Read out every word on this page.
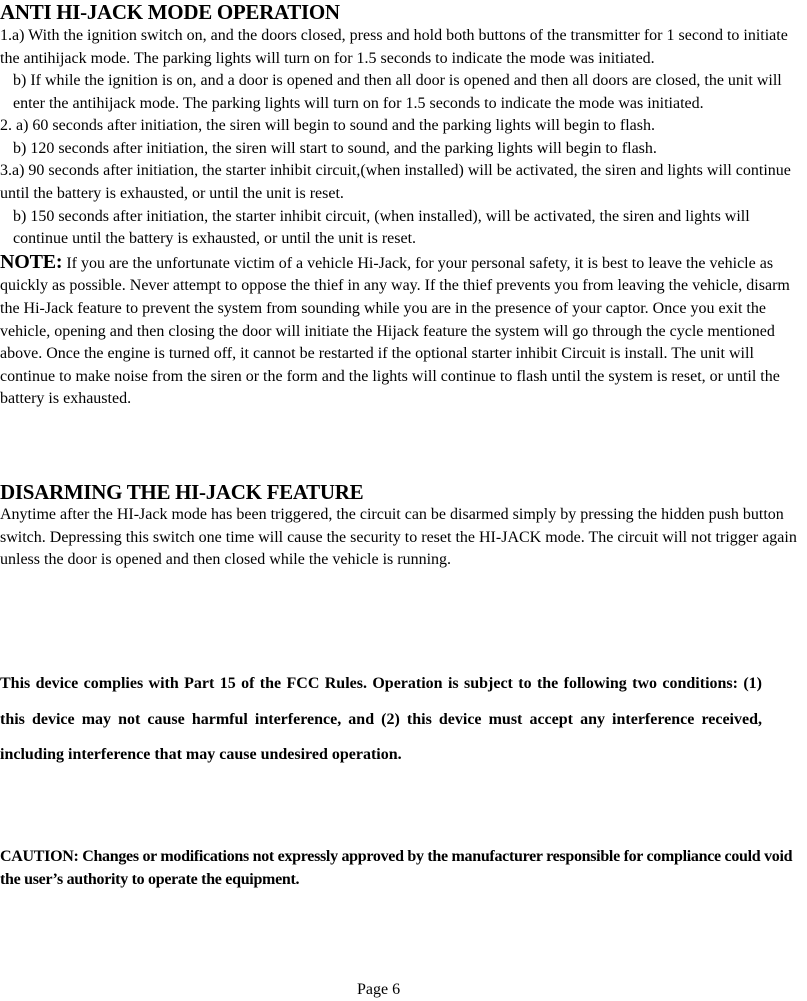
ANTI HI-JACK MODE OPERATION

1.a) With the ignition switch on, and the doors closed, press and hold both buttons of the transmitter for 1 second to initiate the antihijack mode. The parking lights will turn on for 1.5 seconds to indicate the mode was initiated.

b) If while the ignition is on, and a door is opened and then all door is opened and then all doors are closed, the unit will enter the antihijack mode. The parking lights will turn on for 1.5 seconds to indicate the mode was initiated.

2. a) 60 seconds after initiation, the siren will begin to sound and the parking lights will begin to flash.

b) 120 seconds after initiation, the siren will start to sound, and the parking lights will begin to flash.

3.a) 90 seconds after initiation, the starter inhibit circuit,(when installed) will be activated, the siren and lights will continue until the battery is exhausted, or until the unit is reset.

b) 150 seconds after initiation, the starter inhibit circuit, (when installed), will be activated, the siren and lights will continue until the battery is exhausted, or until the unit is reset.

NOTE: If you are the unfortunate victim of a vehicle Hi-Jack, for your personal safety, it is best to leave the vehicle as quickly as possible. Never attempt to oppose the thief in any way. If the thief prevents you from leaving the vehicle, disarm the Hi-Jack feature to prevent the system from sounding while you are in the presence of your captor. Once you exit the vehicle, opening and then closing the door will initiate the Hijack feature the system will go through the cycle mentioned above. Once the engine is turned off, it cannot be restarted if the optional starter inhibit Circuit is install. The unit will continue to make noise from the siren or the form and the lights will continue to flash until the system is reset, or until the battery is exhausted.

DISARMING THE HI-JACK FEATURE

Anytime after the HI-Jack mode has been triggered, the circuit can be disarmed simply by pressing the hidden push button switch. Depressing this switch one time will cause the security to reset the HI-JACK mode. The circuit will not trigger again unless the door is opened and then closed while the vehicle is running.

This device complies with Part 15 of the FCC Rules. Operation is subject to the following two conditions: (1) this device may not cause harmful interference, and (2) this device must accept any interference received, including interference that may cause undesired operation.
CAUTION: Changes or modifications not expressly approved by the manufacturer responsible for compliance could void the user’s authority to operate the equipment.
Page 6
